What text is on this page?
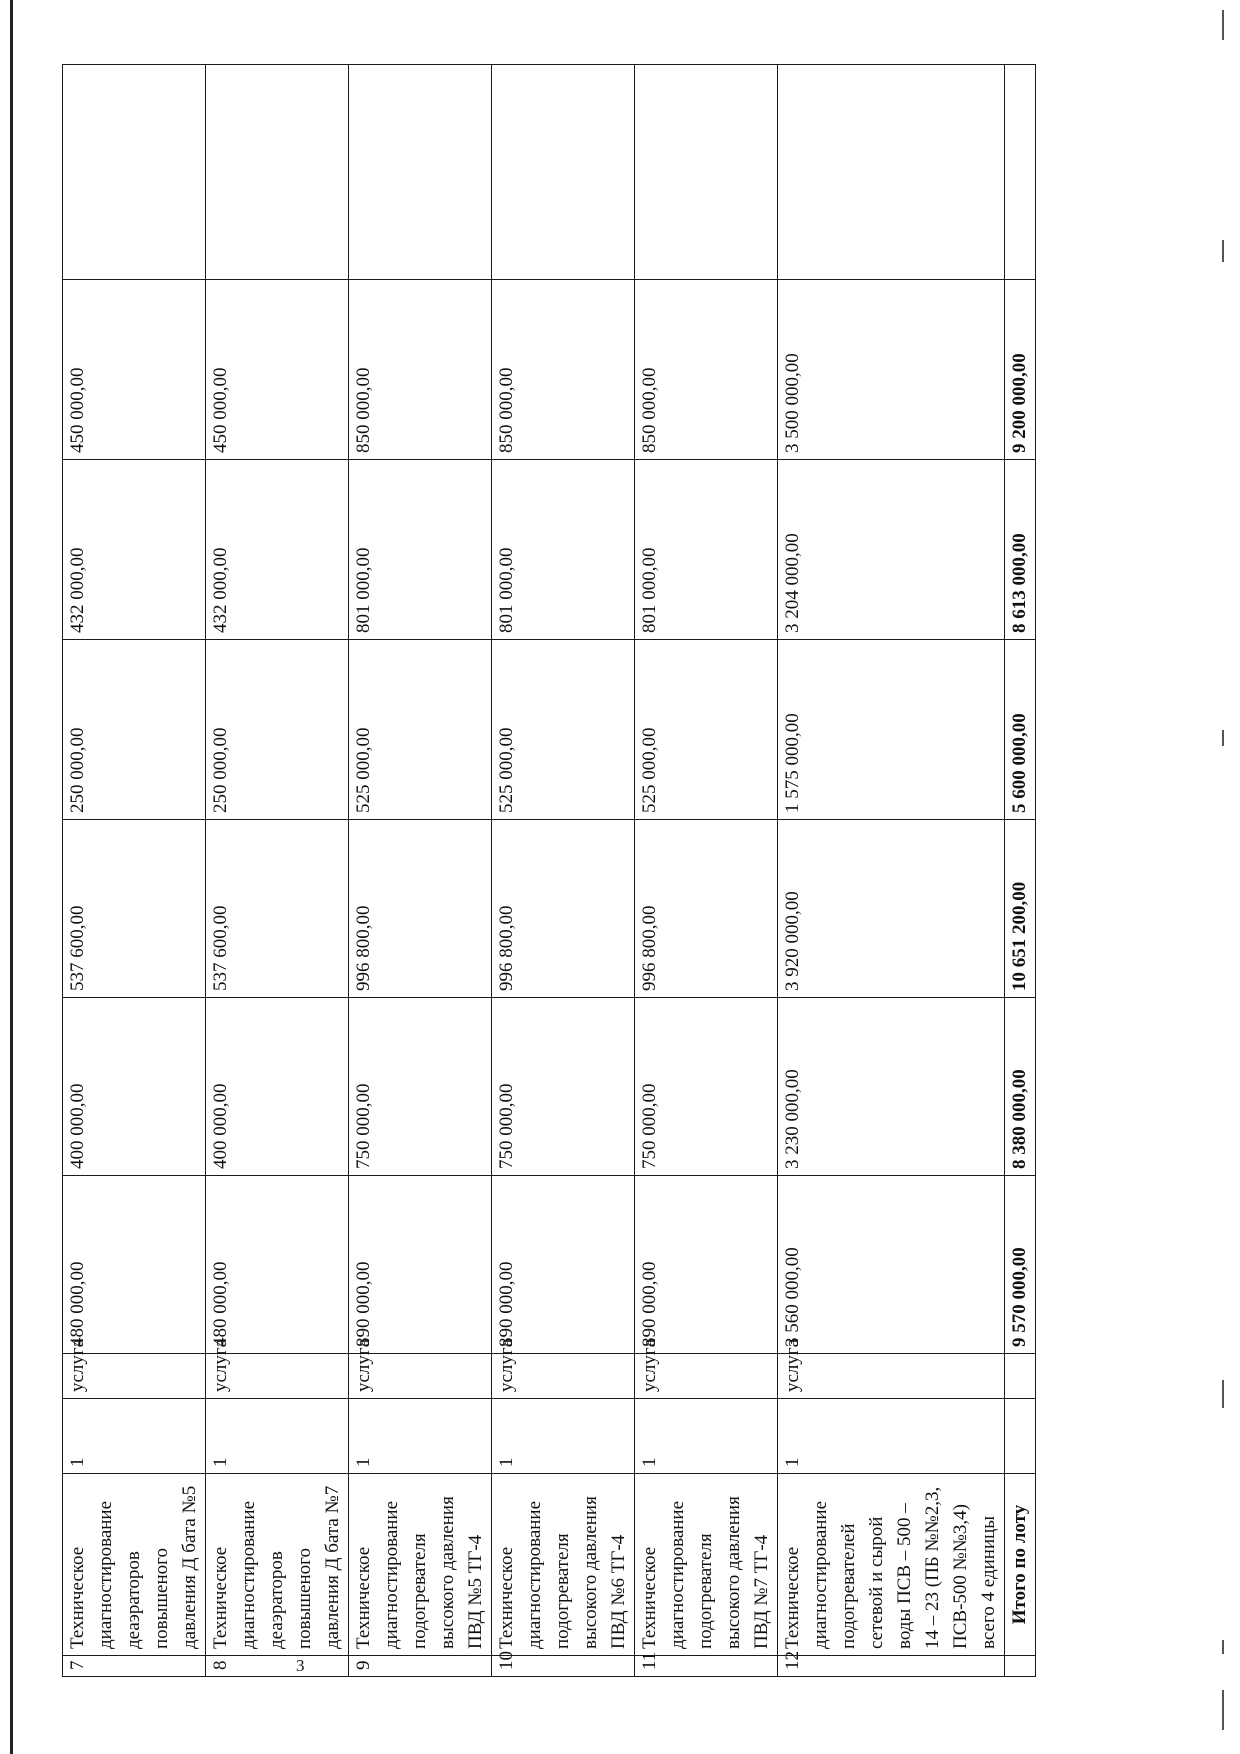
3
7	Техническое диагностирование деаэраторов повышеного давления Д бата №5	1	услуга	480 000,00	400 000,00	537 600,00	250 000,00	432 000,00	450 000,00	
8	Техническое диагностирование деаэраторов повышеного давления Д бата №7	1	услуга	480 000,00	400 000,00	537 600,00	250 000,00	432 000,00	450 000,00	
9	Техническое диагностирование подогревателя высокого давления ПВД №5 ТГ-4	1	услуга	890 000,00	750 000,00	996 800,00	525 000,00	801 000,00	850 000,00	
10	Техническое диагностирование подогревателя высокого давления ПВД №6 ТГ-4	1	услуга	890 000,00	750 000,00	996 800,00	525 000,00	801 000,00	850 000,00	
11	Техническое диагностирование подогревателя высокого давления ПВД №7 ТГ-4	1	услуга	890 000,00	750 000,00	996 800,00	525 000,00	801 000,00	850 000,00	
12	Техническое диагностирование подогревателей сетевой и сырой воды ПСВ – 500 – 14 – 23 (ПБ №№2,3, ПСВ-500 №№3,4) всего 4 единицы	1	услуга	3 560 000,00	3 230 000,00	3 920 000,00	1 575 000,00	3 204 000,00	3 500 000,00	
	Итого по лоту			9 570 000,00	8 380 000,00	10 651 200,00	5 600 000,00	8 613 000,00	9 200 000,00	
